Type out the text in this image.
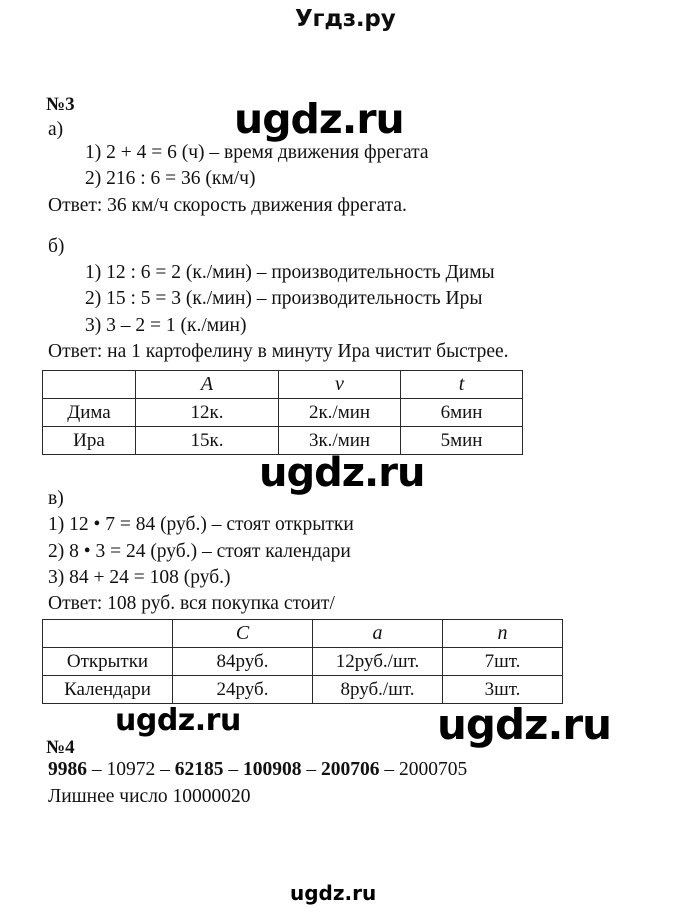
Угдз.ру
№3
а)
1) 2 + 4 = 6 (ч) – время движения фрегата
2) 216 : 6 = 36 (км/ч)
Ответ: 36 км/ч скорость движения фрегата.
б)
1) 12 : 6 = 2 (к./мин) – производительность Димы
2) 15 : 5 = 3 (к./мин) – производительность Иры
3) 3 – 2 = 1 (к./мин)
Ответ: на 1 картофелину в минуту Ира чистит быстрее.
	A	v	t
Дима	12к.	2к./мин	6мин
Ира	15к.	3к./мин	5мин
в)
1) 12 • 7 = 84 (руб.) – стоят открытки
2) 8 • 3 = 24 (руб.) – стоят календари
3) 84 + 24 = 108 (руб.)
Ответ: 108 руб. вся покупка стоит/
	C	a	n
Открытки	84руб.	12руб./шт.	7шт.
Календари	24руб.	8руб./шт.	3шт.
№4
9986 – 10972 – 62185 – 100908 – 200706 – 2000705
Лишнее число 10000020
ugdz.ru
ugdz.ru
ugdz.ru	ugdz.ru
ugdz.ru
